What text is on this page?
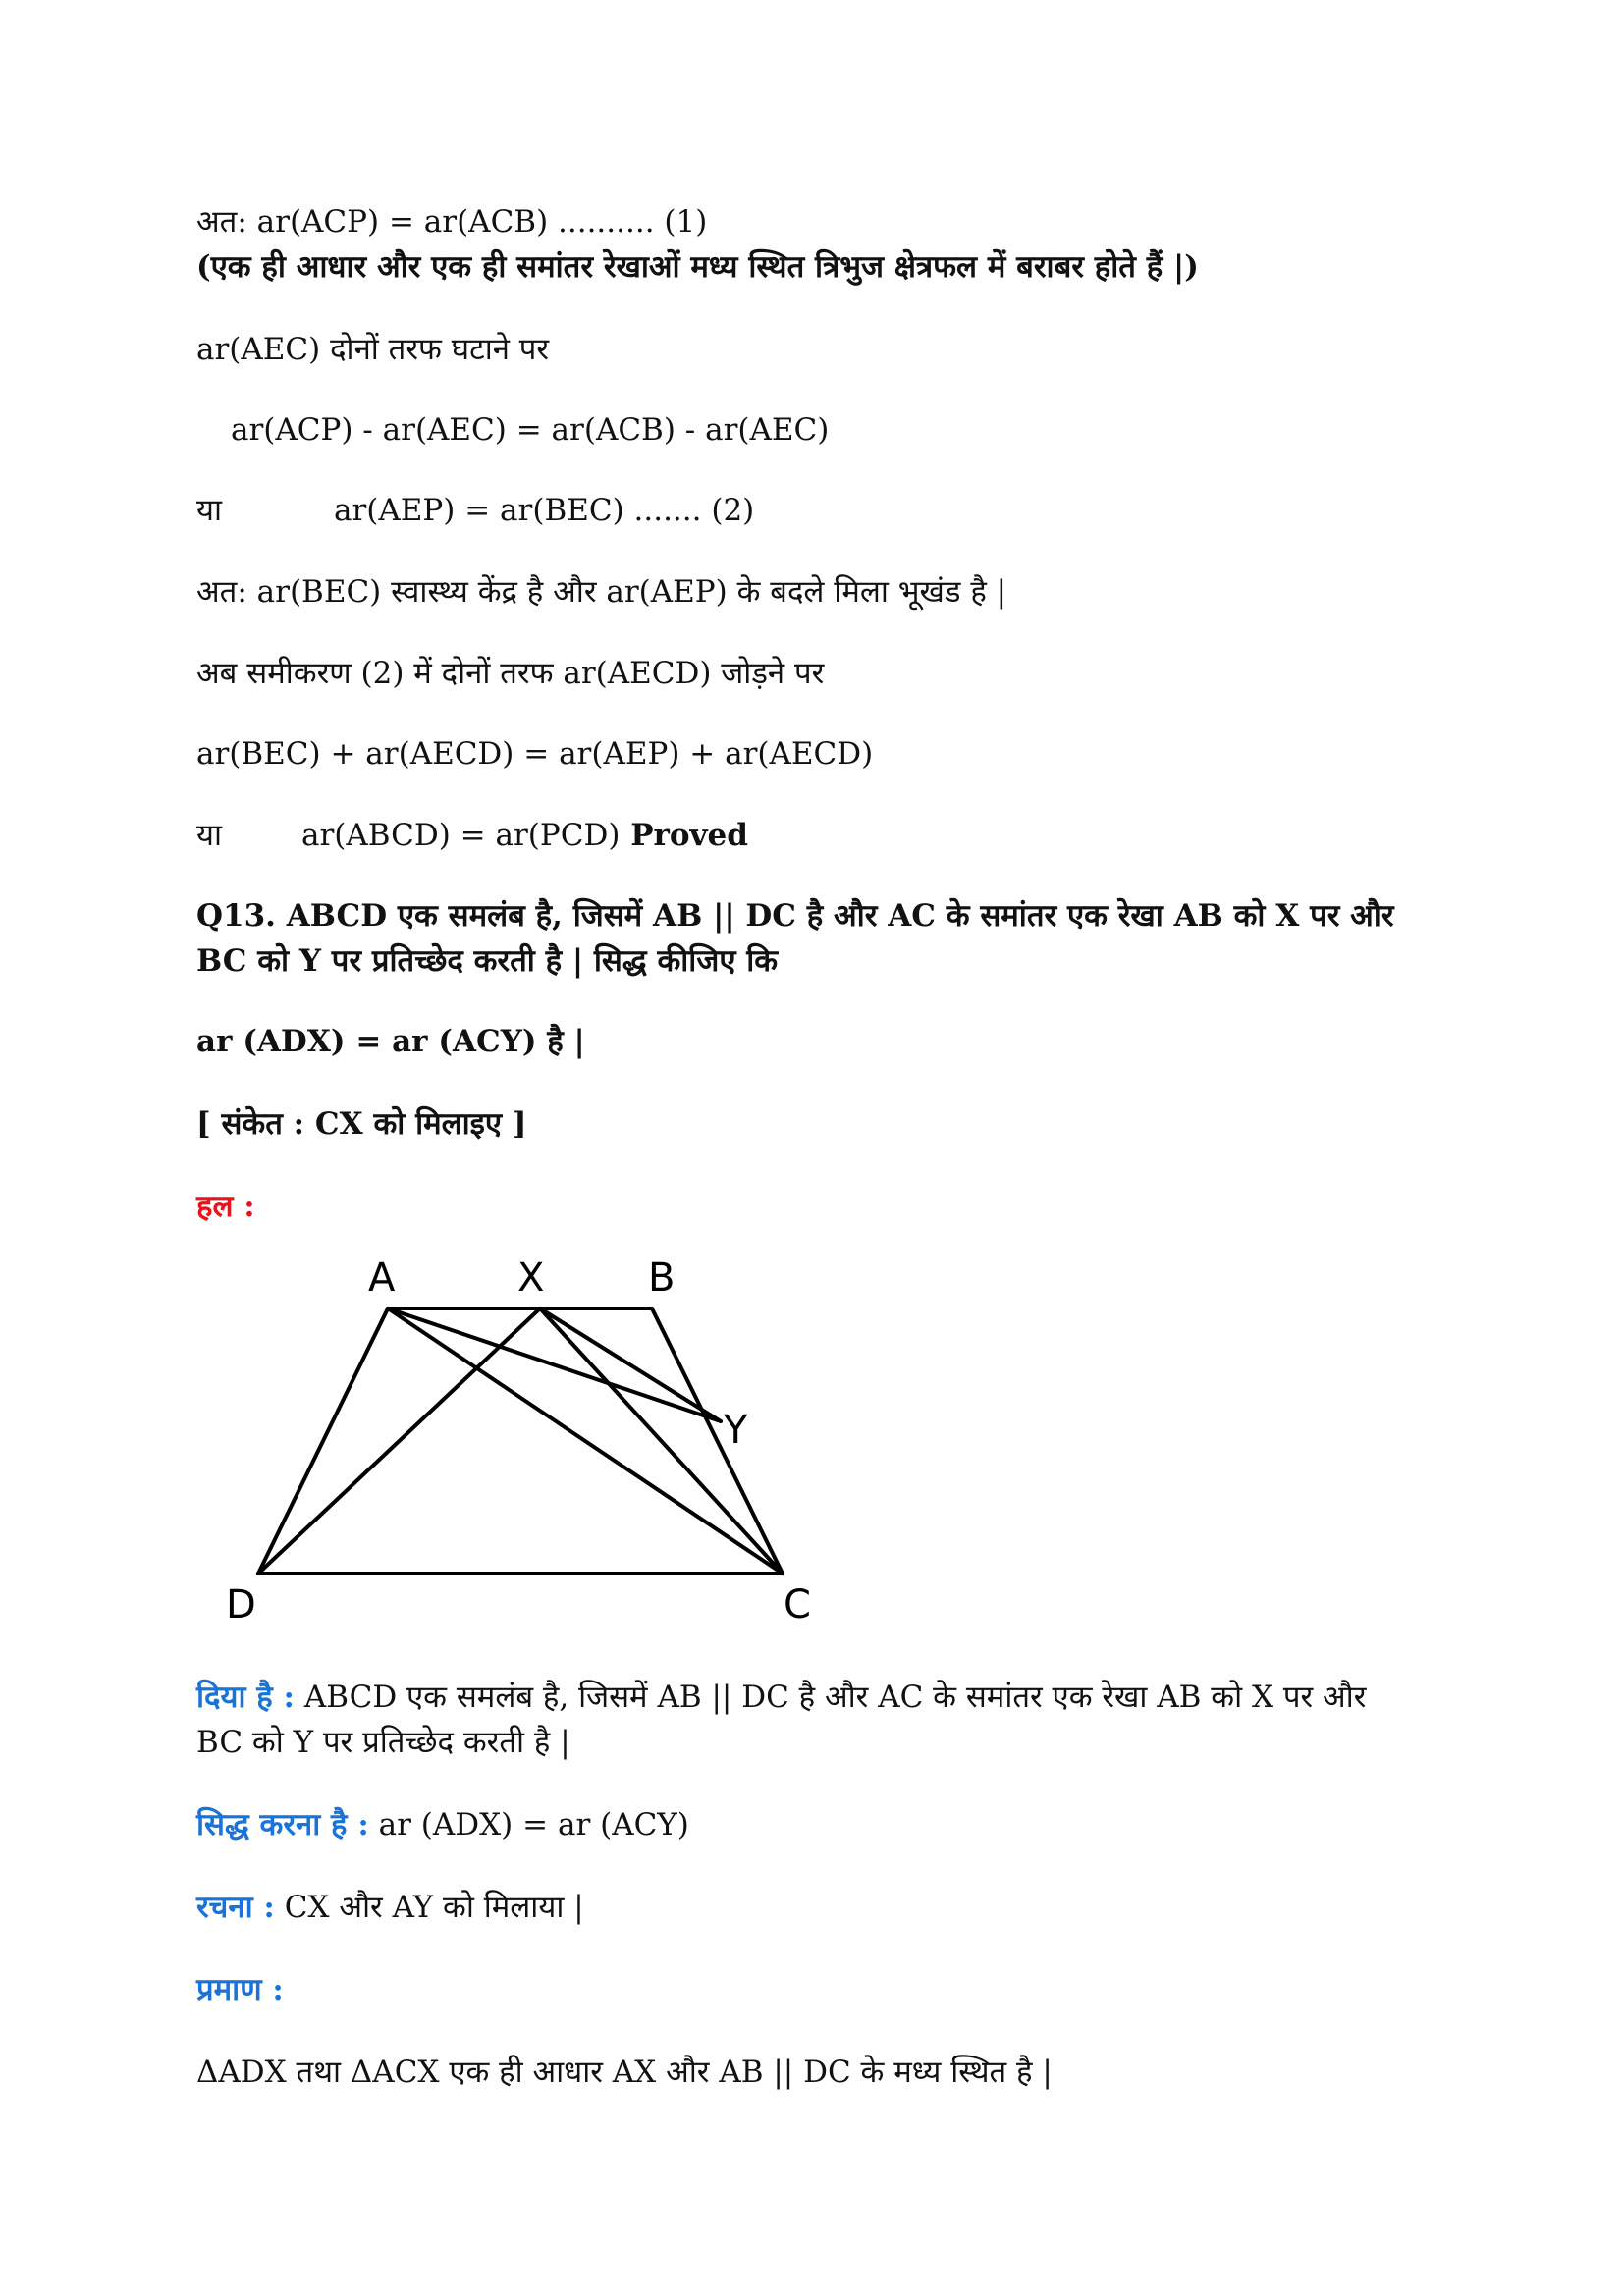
अत: ar(ACP) = ar(ACB) .......... (1)
(एक ही आधार और एक ही समांतर रेखाओं मध्य स्थित त्रिभुज क्षेत्रफल में बराबर होते हैं |)
ar(AEC) दोनों तरफ घटाने पर
ar(ACP) - ar(AEC) = ar(ACB) - ar(AEC)
या	ar(AEP) = ar(BEC) ....... (2)
अत: ar(BEC) स्वास्थ्य केंद्र है और ar(AEP) के बदले मिला भूखंड है |
अब समीकरण (2) में दोनों तरफ ar(AECD) जोड़ने पर
ar(BEC) + ar(AECD) = ar(AEP) + ar(AECD)
या	ar(ABCD) = ar(PCD) Proved
Q13. ABCD एक समलंब है, जिसमें AB || DC है और AC के समांतर एक रेखा AB को X पर और
BC को Y पर प्रतिच्छेद करती है | सिद्ध कीजिए कि
ar (ADX) = ar (ACY) है |
[ संकेत : CX को मिलाइए ]
हल :
A	X	B
Y
D	C
दिया है : ABCD एक समलंब है, जिसमें AB || DC है और AC के समांतर एक रेखा AB को X पर और
BC को Y पर प्रतिच्छेद करती है |
सिद्ध करना है : ar (ADX) = ar (ACY)
रचना : CX और AY को मिलाया |
प्रमाण :
ΔADX तथा ΔACX एक ही आधार AX और AB || DC के मध्य स्थित है |
